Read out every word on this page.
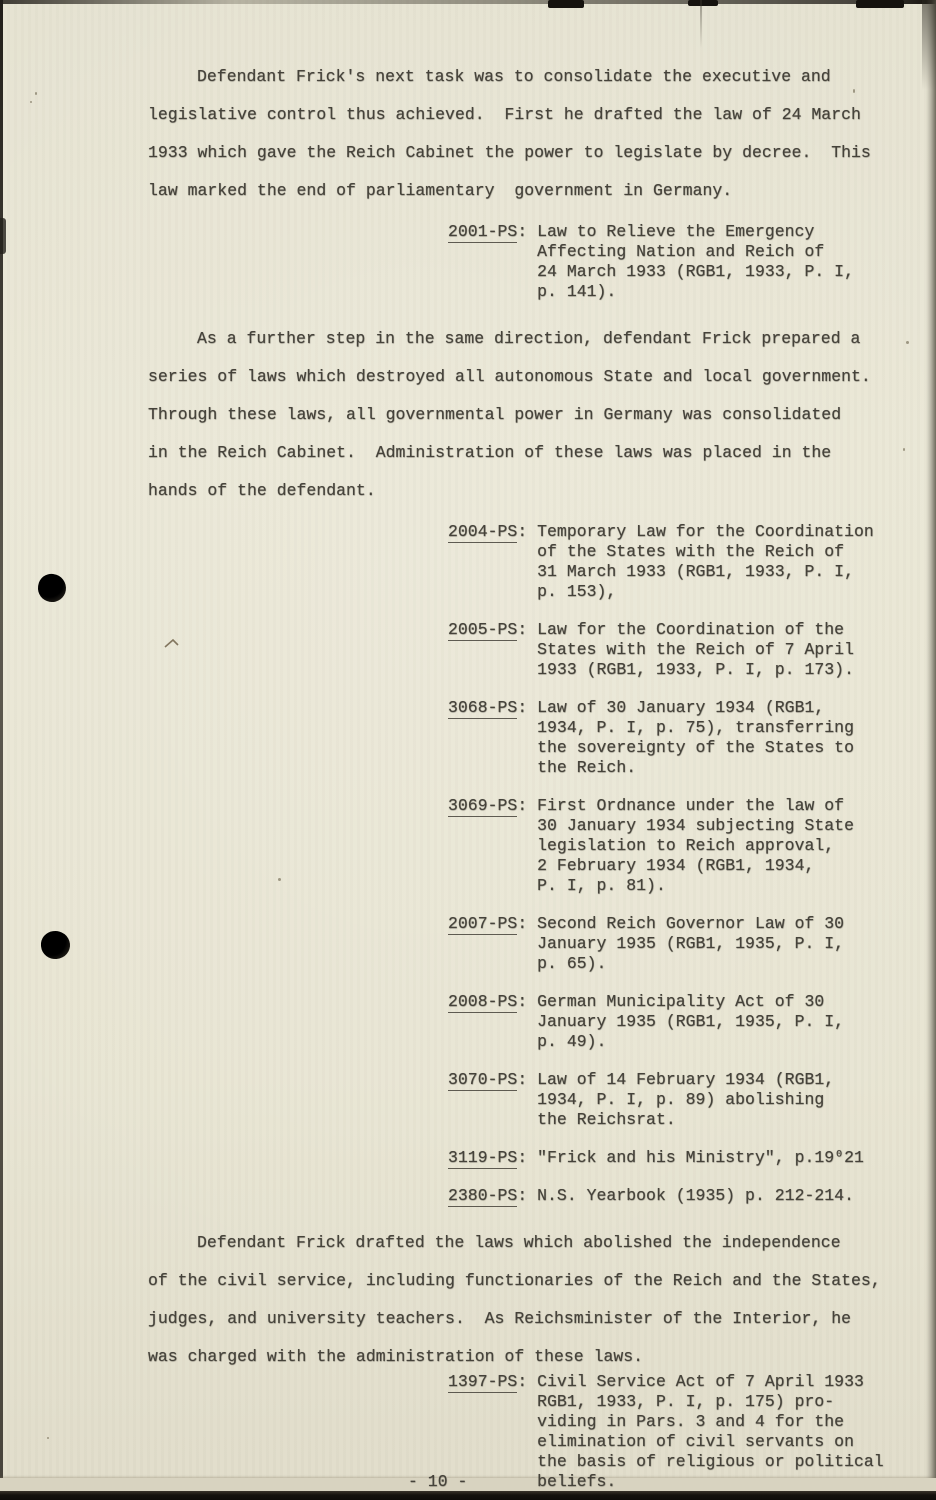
Defendant Frick's next task was to consolidate the executive and
legislative control thus achieved.  First he drafted the law of 24 March
1933 which gave the Reich Cabinet the power to legislate by decree.  This
law marked the end of parliamentary  government in Germany.
2001-PS: Law to Relieve the Emergency
Affecting Nation and Reich of
24 March 1933 (RGB1, 1933, P. I,
p. 141).
As a further step in the same direction, defendant Frick prepared a
series of laws which destroyed all autonomous State and local government.
Through these laws, all governmental power in Germany was consolidated
in the Reich Cabinet.  Administration of these laws was placed in the
hands of the defendant.
2004-PS: Temporary Law for the Coordination
of the States with the Reich of
31 March 1933 (RGB1, 1933, P. I,
p. 153),
2005-PS: Law for the Coordination of the
States with the Reich of 7 April
1933 (RGB1, 1933, P. I, p. 173).
3068-PS: Law of 30 January 1934 (RGB1,
1934, P. I, p. 75), transferring
the sovereignty of the States to
the Reich.
3069-PS: First Ordnance under the law of
30 January 1934 subjecting State
legislation to Reich approval,
2 February 1934 (RGB1, 1934,
P. I, p. 81).
2007-PS: Second Reich Governor Law of 30
January 1935 (RGB1, 1935, P. I,
p. 65).
2008-PS: German Municipality Act of 30
January 1935 (RGB1, 1935, P. I,
p. 49).
3070-PS: Law of 14 February 1934 (RGB1,
1934, P. I, p. 89) abolishing
the Reichsrat.
3119-PS: "Frick and his Ministry", p.19⁰21
2380-PS: N.S. Yearbook (1935) p. 212-214.
Defendant Frick drafted the laws which abolished the independence
of the civil service, including functionaries of the Reich and the States,
judges, and university teachers.  As Reichsminister of the Interior, he
was charged with the administration of these laws.
1397-PS: Civil Service Act of 7 April 1933
RGB1, 1933, P. I, p. 175) pro-
viding in Pars. 3 and 4 for the
elimination of civil servants on
the basis of religious or political
beliefs.
- 10 -
